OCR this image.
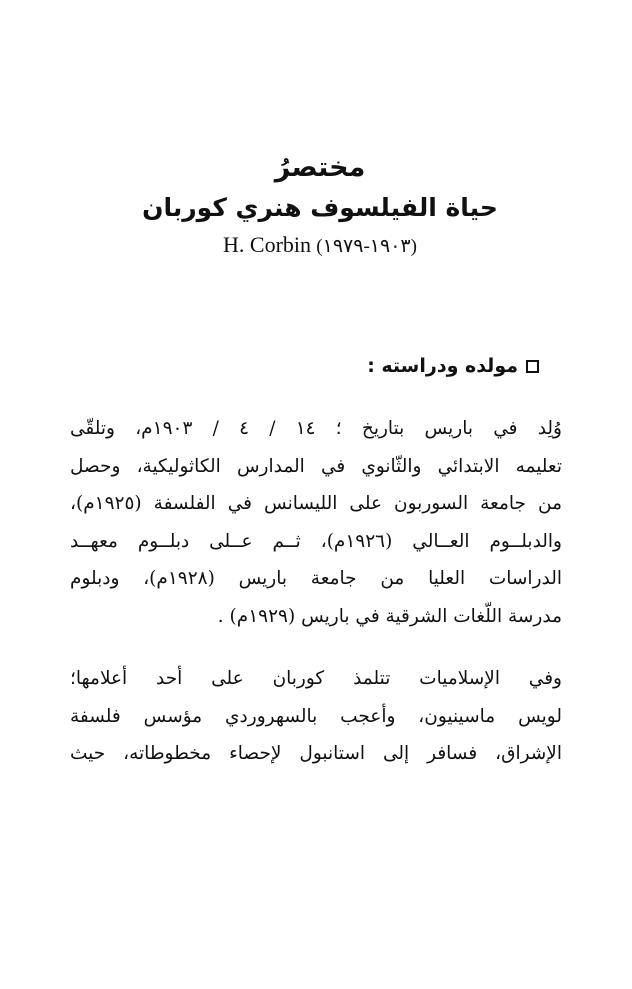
مختصرُ
حياة الفيلسوف هنري كوربان
(١٩٠٣-١٩٧٩) H. Corbin
مولده ودراسته :
وُلِد في باريس بتاريخ ؛ ١٤ / ٤ / ١٩٠٣م، وتلقّى
تعليمه الابتدائي والثّانوي في المدارس الكاثوليكية، وحصل
من جامعة السوربون على الليسانس في الفلسفة (١٩٢٥م)،
والدبلــوم العــالي (١٩٢٦م)، ثــم عــلى دبلــوم معهــد
الدراسات العليا من جامعة باريس (١٩٢٨م)، ودبلوم
مدرسة اللّغات الشرقية في باريس (١٩٢٩م) .
وفي الإسلاميات تتلمذ كوربان على أحد أعلامها؛
لويس ماسينيون، وأعجب بالسهروردي مؤسس فلسفة
الإشراق، فسافر إلى استانبول لإحصاء مخطوطاته، حيث
